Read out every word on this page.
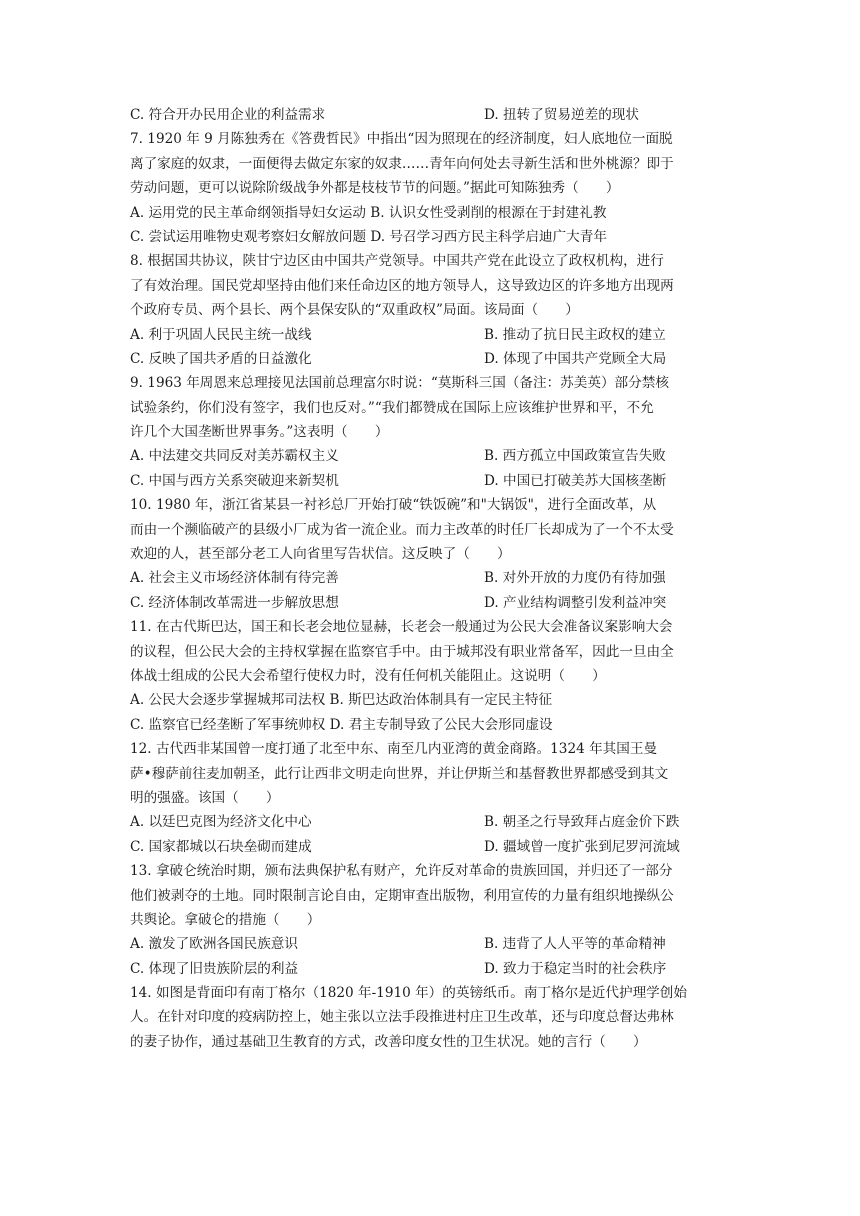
C. 符合开办民用企业的利益需求	D. 扭转了贸易逆差的现状
7. 1920 年 9 月陈独秀在《答费哲民》中指出“因为照现在的经济制度，妇人底地位一面脱
离了家庭的奴隶，一面便得去做定东家的奴隶……青年向何处去寻新生活和世外桃源？即于
劳动问题，更可以说除阶级战争外都是枝枝节节的问题。”据此可知陈独秀（　　）
A. 运用党的民主革命纲领指导妇女运动 B. 认识女性受剥削的根源在于封建礼教
C. 尝试运用唯物史观考察妇女解放问题 D. 号召学习西方民主科学启迪广大青年
8. 根据国共协议，陕甘宁边区由中国共产党领导。中国共产党在此设立了政权机构，进行
了有效治理。国民党却坚持由他们来任命边区的地方领导人，这导致边区的许多地方出现两
个政府专员、两个县长、两个县保安队的“双重政权”局面。该局面（　　）
A. 利于巩固人民民主统一战线	B. 推动了抗日民主政权的建立
C. 反映了国共矛盾的日益激化	D. 体现了中国共产党顾全大局
9. 1963 年周恩来总理接见法国前总理富尔时说：“莫斯科三国（备注：苏美英）部分禁核
试验条约，你们没有签字，我们也反对。”“我们都赞成在国际上应该维护世界和平，不允
许几个大国垄断世界事务。”这表明（　　）
A. 中法建交共同反对美苏霸权主义	B. 西方孤立中国政策宣告失败
C. 中国与西方关系突破迎来新契机	D. 中国已打破美苏大国核垄断
10. 1980 年，浙江省某县一衬衫总厂开始打破“铁饭碗”和"大锅饭"，进行全面改革，从
而由一个濒临破产的县级小厂成为省一流企业。而力主改革的时任厂长却成为了一个不太受
欢迎的人，甚至部分老工人向省里写告状信。这反映了（　　）
A. 社会主义市场经济体制有待完善	B. 对外开放的力度仍有待加强
C. 经济体制改革需进一步解放思想	D. 产业结构调整引发利益冲突
11. 在古代斯巴达，国王和长老会地位显赫，长老会一般通过为公民大会准备议案影响大会
的议程，但公民大会的主持权掌握在监察官手中。由于城邦没有职业常备军，因此一旦由全
体战士组成的公民大会希望行使权力时，没有任何机关能阻止。这说明（　　）
A. 公民大会逐步掌握城邦司法权 B. 斯巴达政治体制具有一定民主特征
C. 监察官已经垄断了军事统帅权 D. 君主专制导致了公民大会形同虚设
12. 古代西非某国曾一度打通了北至中东、南至几内亚湾的黄金商路。1324 年其国王曼
萨•穆萨前往麦加朝圣，此行让西非文明走向世界，并让伊斯兰和基督教世界都感受到其文
明的强盛。该国（　　）
A. 以廷巴克图为经济文化中心	B. 朝圣之行导致拜占庭金价下跌
C. 国家都城以石块垒砌而建成	D. 疆域曾一度扩张到尼罗河流域
13. 拿破仑统治时期，颁布法典保护私有财产，允许反对革命的贵族回国，并归还了一部分
他们被剥夺的土地。同时限制言论自由，定期审查出版物，利用宣传的力量有组织地操纵公
共舆论。拿破仑的措施（　　）
A. 激发了欧洲各国民族意识	B. 违背了人人平等的革命精神
C. 体现了旧贵族阶层的利益	D. 致力于稳定当时的社会秩序
14. 如图是背面印有南丁格尔（1820 年-1910 年）的英镑纸币。南丁格尔是近代护理学创始
人。在针对印度的疫病防控上，她主张以立法手段推进村庄卫生改革，还与印度总督达弗林
的妻子协作，通过基础卫生教育的方式，改善印度女性的卫生状况。她的言行（　　）
